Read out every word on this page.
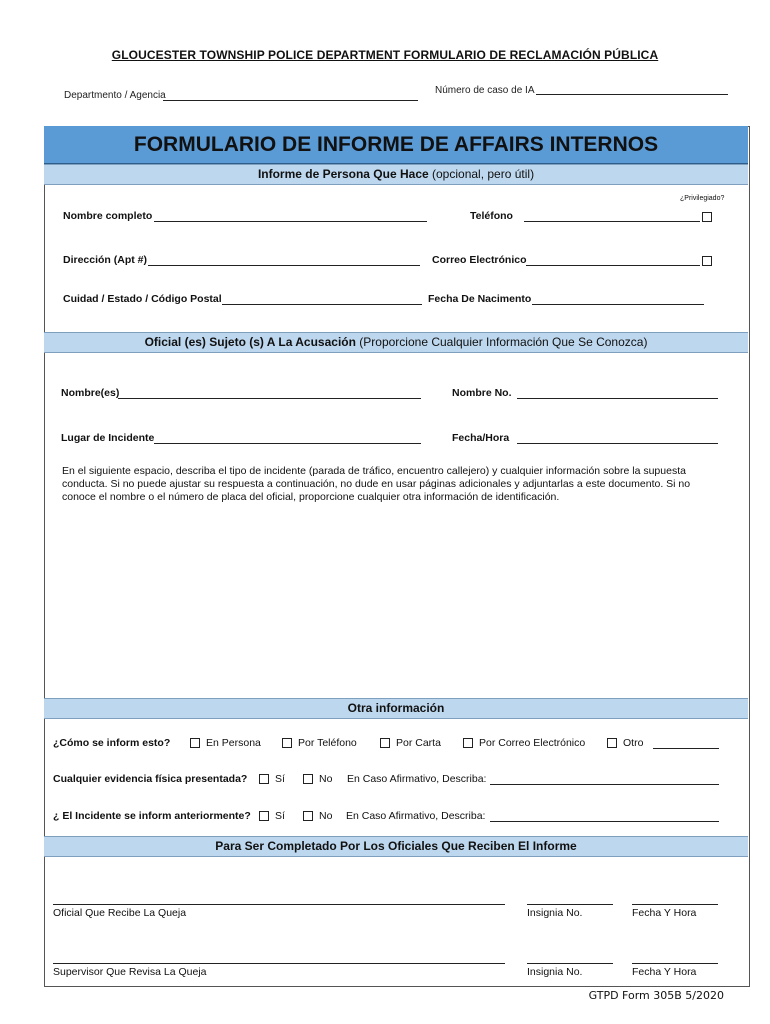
GLOUCESTER TOWNSHIP POLICE DEPARTMENT FORMULARIO DE RECLAMACIÓN PÚBLICA
Departmento / Agencia	Número de caso de IA
FORMULARIO DE INFORME DE AFFAIRS INTERNOS
Informe de Persona Que Hace (opcional, pero útil)
¿Privilegiado?
Nombre completo	Teléfono
Dirección (Apt #)	Correo Electrónico
Cuidad / Estado / Código Postal	Fecha De Nacimento
Oficial (es) Sujeto (s) A La Acusación (Proporcione Cualquier Información Que Se Conozca)
Nombre(es)	Nombre No.
Lugar de Incidente	Fecha/Hora
En el siguiente espacio, describa el tipo de incidente (parada de tráfico, encuentro callejero) y cualquier información sobre la supuesta conducta. Si no puede ajustar su respuesta a continuación, no dude en usar páginas adicionales y adjuntarlas a este documento. Si no conoce el nombre o el número de placa del oficial, proporcione cualquier otra información de identificación.
Otra información
¿Cómo se inform esto?	En Persona	Por Teléfono	Por Carta	Por Correo Electrónico	Otro
Cualquier evidencia física presentada?	Sí	No En Caso Afirmativo, Describa:
¿ El Incidente se inform anteriormente?	Sí	No En Caso Afirmativo, Describa:
Para Ser Completado Por Los Oficiales Que Reciben El Informe
Oficial Que Recibe La Queja	Insignia No.	Fecha Y Hora
Supervisor Que Revisa La Queja	Insignia No.	Fecha Y Hora
GTPD Form 305B 5/2020
